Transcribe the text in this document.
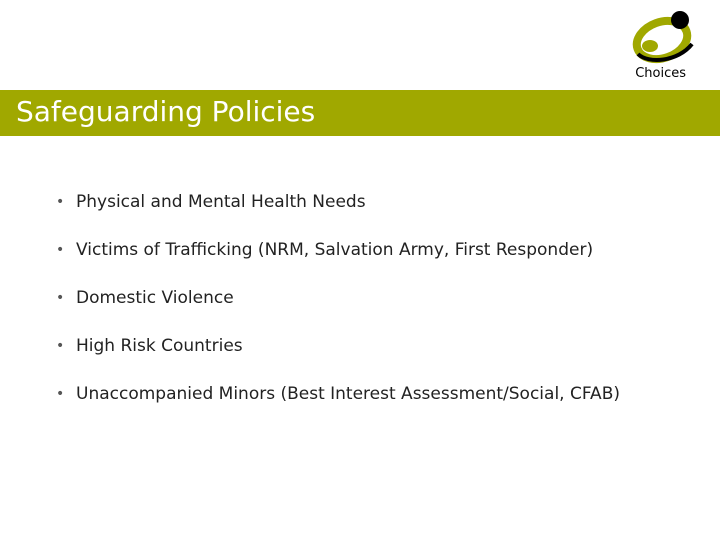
Choices
Safeguarding Policies
• Physical and Mental Health Needs
• Victims of Trafficking (NRM, Salvation Army, First Responder)
• Domestic Violence
• High Risk Countries
• Unaccompanied Minors (Best Interest Assessment/Social, CFAB)
